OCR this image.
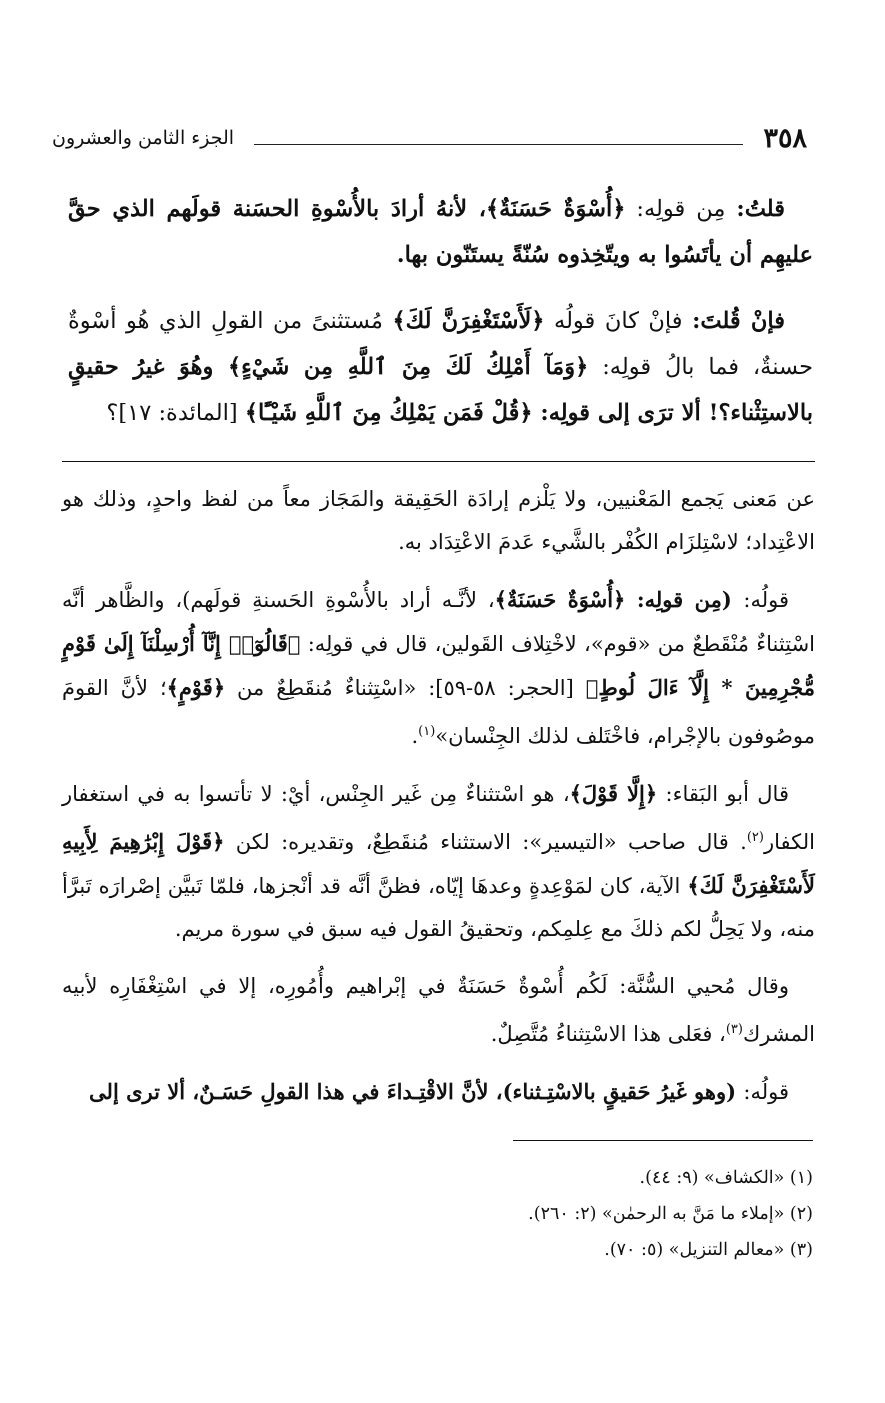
٣٥٨
الجزء الثامن والعشرون

قلتُ: مِن قولِه: ﴿أُسْوَةٌ حَسَنَةٌ﴾، لأنهُ أرادَ بالأُسْوةِ الحسَنة قولَهم الذي حقَّ عليهِم أن يأتَسُوا به ويتّخِذوه سُنّةً يستَنّون بها.

فإنْ قُلتَ: فإنْ كانَ قولُه ﴿لَأَسْتَغْفِرَنَّ لَكَ﴾ مُستثنىً من القولِ الذي هُو أسْوةٌ حسنةٌ، فما بالُ قولِه: ﴿وَمَآ أَمْلِكُ لَكَ مِنَ ٱللَّهِ مِن شَيْءٍ﴾ وهُوَ غيرُ حقيقٍ بالاستِثْناء؟! ألا ترَى إلى قولِه: ﴿قُلْ فَمَن يَمْلِكُ مِنَ ٱللَّهِ شَيْـًٔا﴾ [المائدة: ١٧]؟

عن مَعنى يَجمع المَعْنيين، ولا يَلْزم إرادَة الحَقِيقة والمَجَاز معاً من لفظ واحدٍ، وذلك هو الاعْتِداد؛ لاسْتِلزَام الكُفْر بالشَّيء عَدمَ الاعْتِدَاد به.

قولُه: (مِن قولِه: ﴿أُسْوَةٌ حَسَنَةٌ﴾، لأنَّـه أراد بالأُسْوةِ الحَسنةِ قولَهم)، والظَّاهر أنَّه اسْتِثناءٌ مُنْقَطعٌ من «قوم»، لاخْتِلاف القَولين، قال في قولِه: ﴿قَالُوٓا۟ إِنَّآ أُرْسِلْنَآ إِلَىٰ قَوْمٍ مُّجْرِمِينَ * إِلَّآ ءَالَ لُوطٍ﴾ [الحجر: ٥٨-٥٩]: «اسْتِثناءٌ مُنقَطِعٌ من ﴿قَوْمٍ﴾؛ لأنَّ القومَ موصُوفون بالإجْرام، فاخْتَلف لذلك الجِنْسان»$^{(١)}$.

قال أبو البَقاء: ﴿إِلَّا قَوْلَ﴾، هو اسْتثناءٌ مِن غَير الجِنْس، أيْ: لا تأتسوا به في استغفار الكفار$^{(٢)}$. قال صاحب «التيسير»: الاستثناء مُنقَطِعٌ، وتقديره: لكن ﴿قَوْلَ إِبْرَٰهِيمَ لِأَبِيهِ لَأَسْتَغْفِرَنَّ لَكَ﴾ الآية، كان لمَوْعِدةٍ وعدهَا إيّاه، فظنَّ أنَّه قد أنْجزها، فلمّا تَبيَّن إصْرارَه تَبرَّأ منه، ولا يَحِلُّ لكم ذلكَ مع عِلمِكم، وتحقيقُ القول فيه سبق في سورة مريم.

وقال مُحيي السُّنَّة: لَكُم أُسْوةٌ حَسَنَةٌ في إبْراهيم وأُمُورِه، إلا في اسْتِغْفَارِه لأبيه المشرك$^{(٣)}$، فعَلى هذا الاسْتِثناءُ مُتَّصِلٌ.

قولُه: (وهو غَيرُ حَقيقٍ بالاسْتِـثناء)، لأنَّ الاقْتِـداءَ في هذا القولِ حَسَـنٌ، ألا ترى إلى

(١) «الكشاف» (٩: ٤٤).

(٢) «إملاء ما مَنَّ به الرحمٰن» (٢: ٢٦٠).

(٣) «معالم التنزيل» (٥: ٧٠).
